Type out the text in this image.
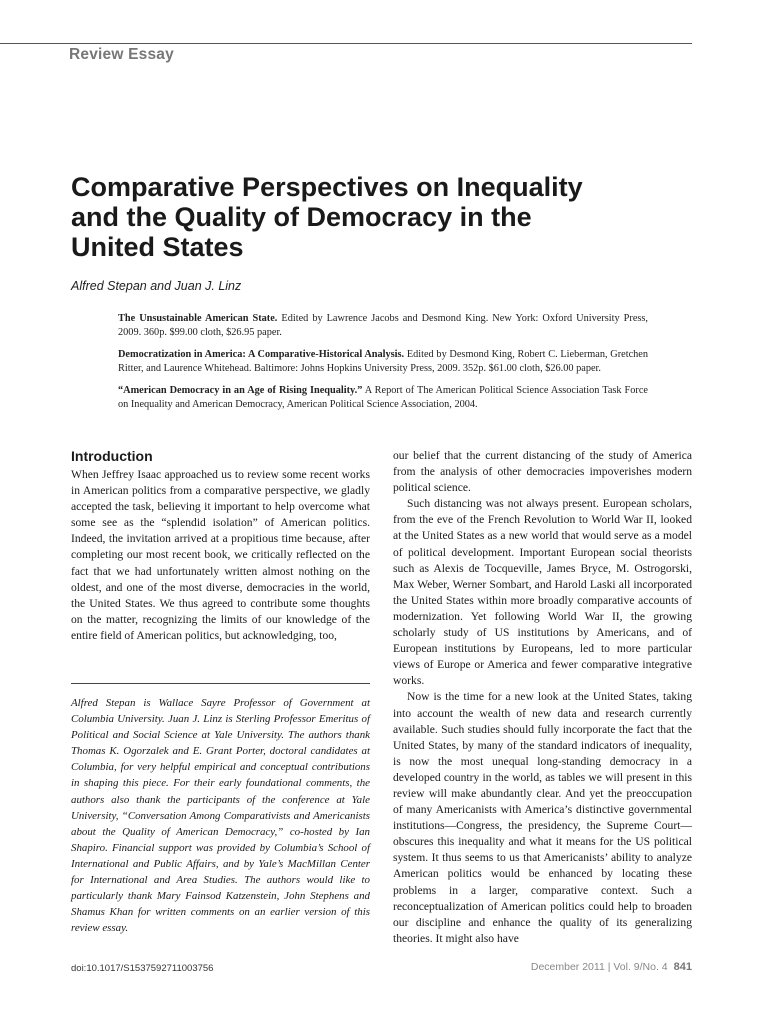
Review Essay
Comparative Perspectives on Inequality
and the Quality of Democracy in the
United States
Alfred Stepan and Juan J. Linz

The Unsustainable American State. Edited by Lawrence Jacobs and Desmond King. New York: Oxford University Press, 2009. 360p. $99.00 cloth, $26.95 paper.

Democratization in America: A Comparative-Historical Analysis. Edited by Desmond King, Robert C. Lieberman, Gretchen Ritter, and Laurence Whitehead. Baltimore: Johns Hopkins University Press, 2009. 352p. $61.00 cloth, $26.00 paper.

“American Democracy in an Age of Rising Inequality.” A Report of The American Political Science Association Task Force on Inequality and American Democracy, American Political Science Association, 2004.

Introduction

When Jeffrey Isaac approached us to review some recent works in American politics from a comparative perspective, we gladly accepted the task, believing it important to help overcome what some see as the “splendid isolation” of American politics. Indeed, the invitation arrived at a propitious time because, after completing our most recent book, we critically reflected on the fact that we had unfortunately written almost nothing on the oldest, and one of the most diverse, democracies in the world, the United States. We thus agreed to contribute some thoughts on the matter, recognizing the limits of our knowledge of the entire field of American politics, but acknowledging, too,

Alfred Stepan is Wallace Sayre Professor of Government at Columbia University. Juan J. Linz is Sterling Professor Emeritus of Political and Social Science at Yale University. The authors thank Thomas K. Ogorzalek and E. Grant Porter, doctoral candidates at Columbia, for very helpful empirical and conceptual contributions in shaping this piece. For their early foundational comments, the authors also thank the participants of the conference at Yale University, “Conversation Among Comparativists and Americanists about the Quality of American Democracy,” co-hosted by Ian Shapiro. Financial support was provided by Columbia’s School of International and Public Affairs, and by Yale’s MacMillan Center for International and Area Studies. The authors would like to particularly thank Mary Fainsod Katzenstein, John Stephens and Shamus Khan for written comments on an earlier version of this review essay.

our belief that the current distancing of the study of America from the analysis of other democracies impoverishes modern political science.

Such distancing was not always present. European scholars, from the eve of the French Revolution to World War II, looked at the United States as a new world that would serve as a model of political development. Important European social theorists such as Alexis de Tocqueville, James Bryce, M. Ostrogorski, Max Weber, Werner Sombart, and Harold Laski all incorporated the United States within more broadly comparative accounts of modernization. Yet following World War II, the growing scholarly study of US institutions by Americans, and of European institutions by Europeans, led to more particular views of Europe or America and fewer comparative integrative works.

Now is the time for a new look at the United States, taking into account the wealth of new data and research currently available. Such studies should fully incorporate the fact that the United States, by many of the standard indicators of inequality, is now the most unequal long-standing democracy in a developed country in the world, as tables we will present in this review will make abundantly clear. And yet the preoccupation of many Americanists with America’s distinctive governmental institutions—Congress, the presidency, the Supreme Court—obscures this inequality and what it means for the US political system. It thus seems to us that Americanists’ ability to analyze American politics would be enhanced by locating these problems in a larger, comparative context. Such a reconceptualization of American politics could help to broaden our discipline and enhance the quality of its generalizing theories. It might also have

doi:10.1017/S1537592711003756	December 2011 | Vol. 9/No. 4 841
